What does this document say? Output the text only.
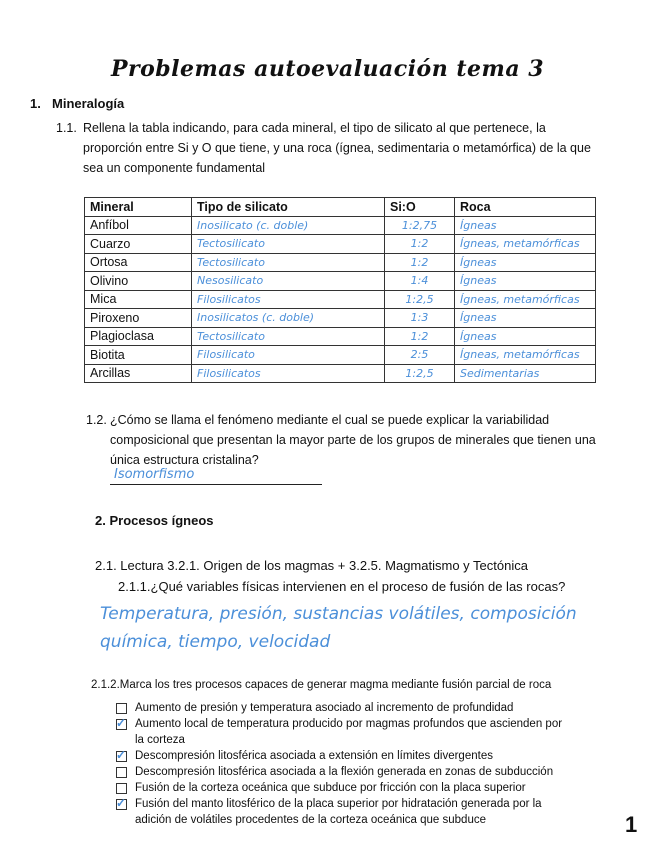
Problemas autoevaluación tema 3
1. Mineralogía
1.1. Rellena la tabla indicando, para cada mineral, el tipo de silicato al que pertenece, la proporción entre Si y O que tiene, y una roca (ígnea, sedimentaria o metamórfica) de la que sea un componente fundamental
Mineral	Tipo de silicato	Si:O	Roca
Anfíbol	Inosilicato (c. doble)	1:2,75	Ígneas
Cuarzo	Tectosilicato	1:2	Ígneas, metamórficas
Ortosa	Tectosilicato	1:2	Ígneas
Olivino	Nesosilicato	1:4	Ígneas
Mica	Filosilicatos	1:2,5	Ígneas, metamórficas
Piroxeno	Inosilicatos (c. doble)	1:3	Ígneas
Plagioclasa	Tectosilicato	1:2	Ígneas
Biotita	Filosilicato	2:5	Ígneas, metamórficas
Arcillas	Filosilicatos	1:2,5	Sedimentarias
1.2. ¿Cómo se llama el fenómeno mediante el cual se puede explicar la variabilidad composicional que presentan la mayor parte de los grupos de minerales que tienen una única estructura cristalina?
Isomorfismo
2. Procesos ígneos
2.1. Lectura 3.2.1. Origen de los magmas + 3.2.5. Magmatismo y Tectónica
2.1.1.¿Qué variables físicas intervienen en el proceso de fusión de las rocas?
Temperatura, presión, sustancias volátiles, composición química, tiempo, velocidad
2.1.2.Marca los tres procesos capaces de generar magma mediante fusión parcial de roca
Aumento de presión y temperatura asociado al incremento de profundidad
✓ Aumento local de temperatura producido por magmas profundos que ascienden por la corteza
✓ Descompresión litosférica asociada a extensión en límites divergentes
Descompresión litosférica asociada a la flexión generada en zonas de subducción
Fusión de la corteza oceánica que subduce por fricción con la placa superior
✓ Fusión del manto litosférico de la placa superior por hidratación generada por la adición de volátiles procedentes de la corteza oceánica que subduce	1
